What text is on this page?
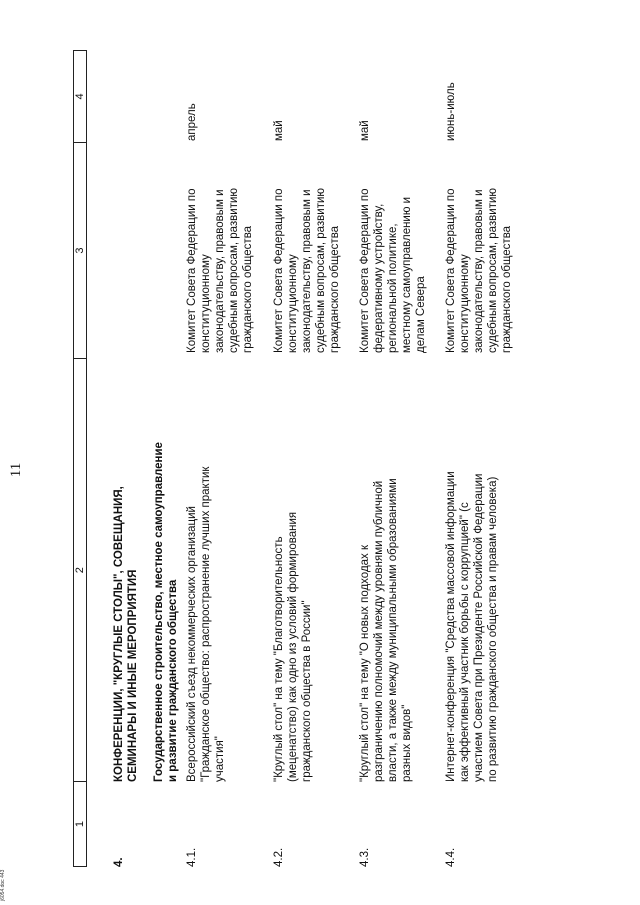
11
1
2
3
4
4.
КОНФЕРЕНЦИИ, "КРУГЛЫЕ СТОЛЫ", СОВЕЩАНИЯ, СЕМИНАРЫ И ИНЫЕ МЕРОПРИЯТИЯ Государственное строительство, местное самоуправление и развитие гражданского общества
4.1.
Всероссийский съезд некоммерческих организаций "Гражданское общество: распространение лучших практик участия"
Комитет Совета Федерации по конституционному законодательству, правовым и судебным вопросам, развитию гражданского общества
апрель
4.2.
"Круглый стол" на тему "Благотворительность (меценатство) как одно из условий формирования гражданского общества в России"
Комитет Совета Федерации по конституционному законодательству, правовым и судебным вопросам, развитию гражданского общества
май
4.3.
"Круглый стол" на тему "О новых подходах к разграничению полномочий между уровнями публичной власти, а также между муниципальными образованиями разных видов"
Комитет Совета Федерации по федеративному устройству, региональной политике, местному самоуправлению и делам Севера
май
4.4.
Интернет-конференция "Средства массовой информации как эффективный участник борьбы с коррупцией" (с участием Совета при Президенте Российской Федерации по развитию гражданского общества и правам человека)
Комитет Совета Федерации по конституционному законодательству, правовым и судебным вопросам, развитию гражданского общества
июнь-июль
j6054.doc 443
